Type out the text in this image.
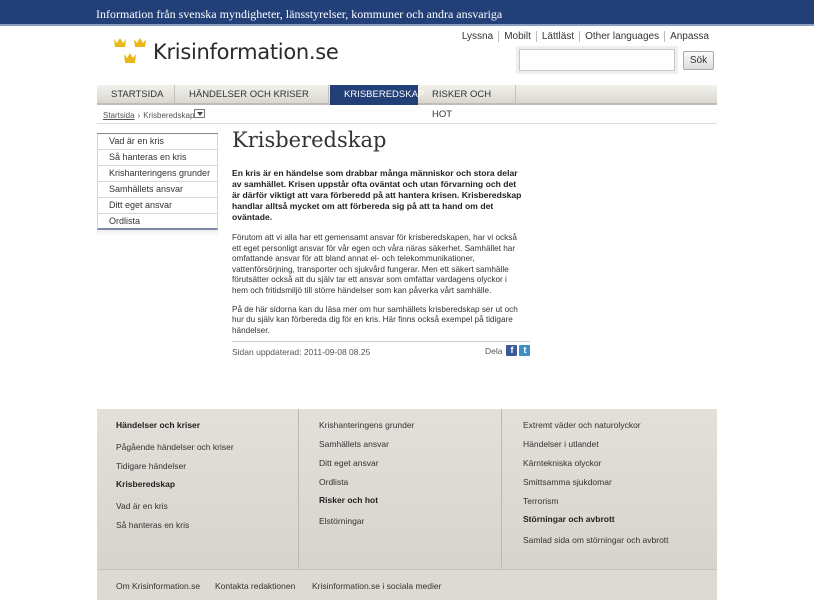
Information från svenska myndigheter, länsstyrelser, kommuner och andra ansvariga
Krisinformation.se
Lyssna	Mobilt	Lättläst	Other languages	Anpassa
Sök
STARTSIDA	HÄNDELSER OCH KRISER	KRISBEREDSKAP RISKER OCH HOT
Startsida › Krisberedskap
Vad är en kris
Så hanteras en kris
Krishanteringens grunder
Samhällets ansvar
Ditt eget ansvar
Ordlista
Krisberedskap
En kris är en händelse som drabbar många människor och stora delar av samhället. Krisen uppstår ofta oväntat och utan förvarning och det är därför viktigt att vara förberedd på att hantera krisen. Krisberedskap handlar alltså mycket om att förbereda sig på att ta hand om det oväntade.

Förutom att vi alla har ett gemensamt ansvar för krisberedskapen, har vi också ett eget personligt ansvar för vår egen och våra näras säkerhet. Samhället har omfattande ansvar för att bland annat el- och telekommunikationer, vattenförsörjning, transporter och sjukvård fungerar. Men ett säkert samhälle förutsätter också att du själv tar ett ansvar som omfattar vardagens olyckor i hem och fritidsmiljö till större händelser som kan påverka vårt samhälle.

På de här sidorna kan du läsa mer om hur samhällets krisberedskap ser ut och hur du själv kan förbereda dig för en kris. Här finns också exempel på tidigare händelser.

Sidan uppdaterad: 2011-09-08 08.25	Dela f	t
Händelser och kriser
Pågående händelser och kriser
Tidigare händelser
Krisberedskap
Vad är en kris
Så hanteras en kris
Krishanteringens grunder
Samhällets ansvar
Ditt eget ansvar
Ordlista
Risker och hot
Elstörningar
Extremt väder och naturolyckor
Händelser i utlandet
Kärntekniska olyckor
Smittsamma sjukdomar
Terrorism
Störningar och avbrott
Samlad sida om störningar och avbrott
Om Krisinformation.se Kontakta redaktionen Krisinformation.se i sociala medier
